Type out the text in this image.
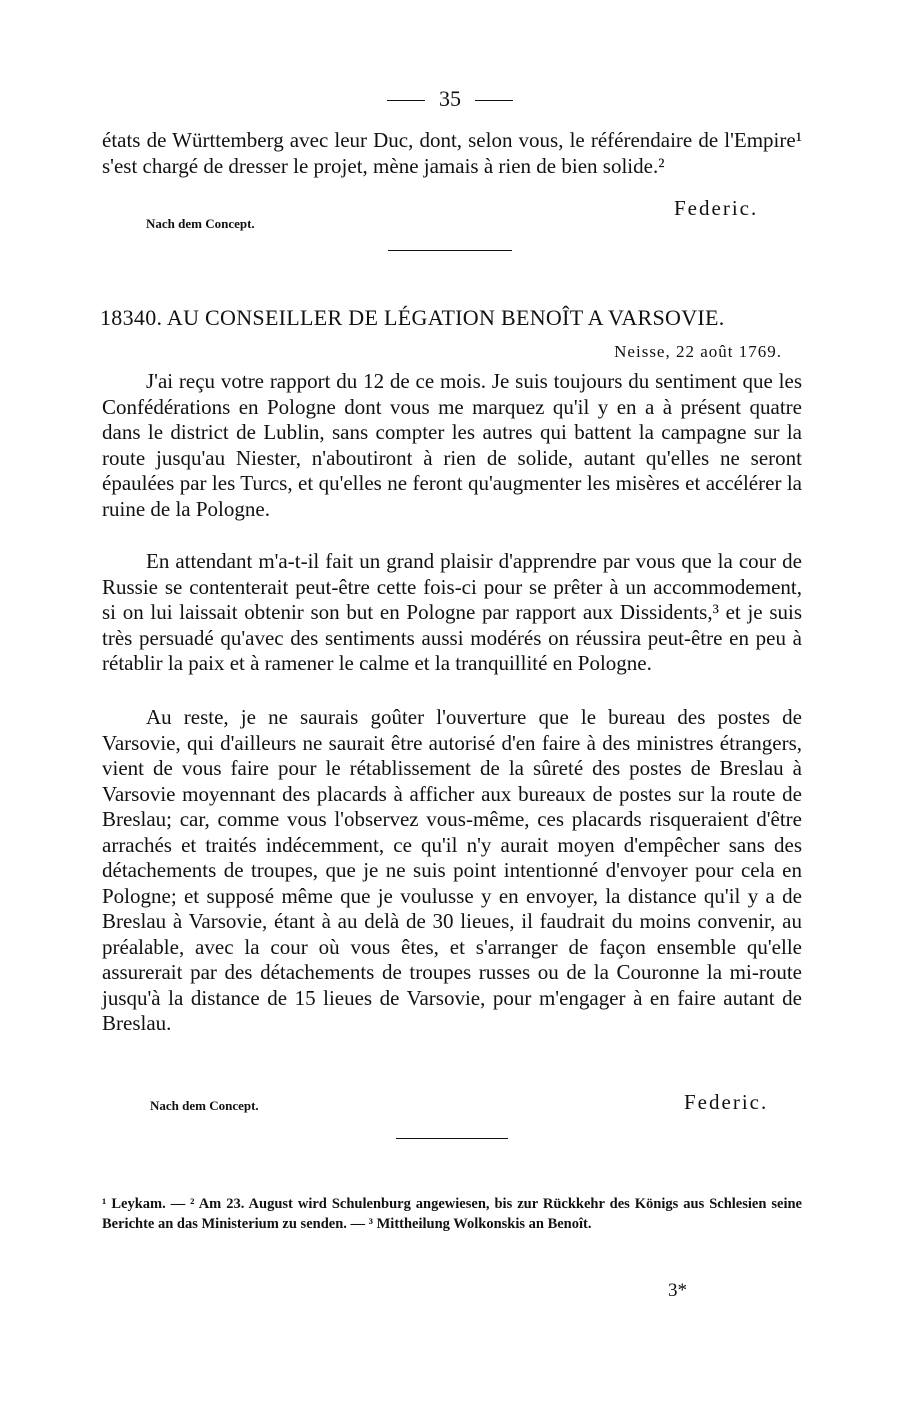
35
états de Württemberg avec leur Duc, dont, selon vous, le référendaire de l'Empire¹ s'est chargé de dresser le projet, mène jamais à rien de bien solide.²
Nach dem Concept.
Federic.
18340. AU CONSEILLER DE LÉGATION BENOÎT A VARSOVIE.
Neisse, 22 août 1769.
J'ai reçu votre rapport du 12 de ce mois. Je suis toujours du sentiment que les Confédérations en Pologne dont vous me marquez qu'il y en a à présent quatre dans le district de Lublin, sans compter les autres qui battent la campagne sur la route jusqu'au Niester, n'aboutiront à rien de solide, autant qu'elles ne seront épaulées par les Turcs, et qu'elles ne feront qu'augmenter les misères et accélérer la ruine de la Pologne.
En attendant m'a-t-il fait un grand plaisir d'apprendre par vous que la cour de Russie se contenterait peut-être cette fois-ci pour se prêter à un accommodement, si on lui laissait obtenir son but en Pologne par rapport aux Dissidents,³ et je suis très persuadé qu'avec des sentiments aussi modérés on réussira peut-être en peu à rétablir la paix et à ramener le calme et la tranquillité en Pologne.
Au reste, je ne saurais goûter l'ouverture que le bureau des postes de Varsovie, qui d'ailleurs ne saurait être autorisé d'en faire à des ministres étrangers, vient de vous faire pour le rétablissement de la sûreté des postes de Breslau à Varsovie moyennant des placards à afficher aux bureaux de postes sur la route de Breslau; car, comme vous l'observez vous-même, ces placards risqueraient d'être arrachés et traités indécemment, ce qu'il n'y aurait moyen d'empêcher sans des détachements de troupes, que je ne suis point intentionné d'envoyer pour cela en Pologne; et supposé même que je voulusse y en envoyer, la distance qu'il y a de Breslau à Varsovie, étant à au delà de 30 lieues, il faudrait du moins convenir, au préalable, avec la cour où vous êtes, et s'arranger de façon ensemble qu'elle assurerait par des détachements de troupes russes ou de la Couronne la mi-route jusqu'à la distance de 15 lieues de Varsovie, pour m'engager à en faire autant de Breslau.
Nach dem Concept.	Federic.
¹ Leykam. — ² Am 23. August wird Schulenburg angewiesen, bis zur Rückkehr des Königs aus Schlesien seine Berichte an das Ministerium zu senden. — ³ Mittheilung Wolkonskis an Benoît.
3*
